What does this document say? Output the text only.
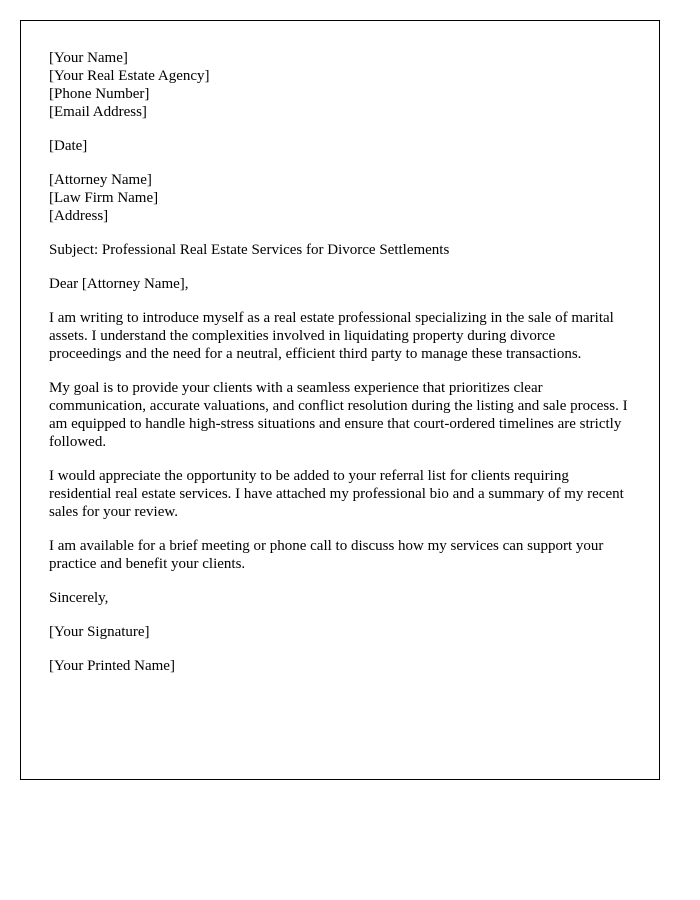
[Your Name]
[Your Real Estate Agency]
[Phone Number]
[Email Address]
[Date]
[Attorney Name]
[Law Firm Name]
[Address]

Subject: Professional Real Estate Services for Divorce Settlements

Dear [Attorney Name],

I am writing to introduce myself as a real estate professional specializing in the sale of marital assets. I understand the complexities involved in liquidating property during divorce proceedings and the need for a neutral, efficient third party to manage these transactions.

My goal is to provide your clients with a seamless experience that prioritizes clear communication, accurate valuations, and conflict resolution during the listing and sale process. I am equipped to handle high-stress situations and ensure that court-ordered timelines are strictly followed.

I would appreciate the opportunity to be added to your referral list for clients requiring residential real estate services. I have attached my professional bio and a summary of my recent sales for your review.

I am available for a brief meeting or phone call to discuss how my services can support your practice and benefit your clients.

Sincerely,

[Your Signature]

[Your Printed Name]
